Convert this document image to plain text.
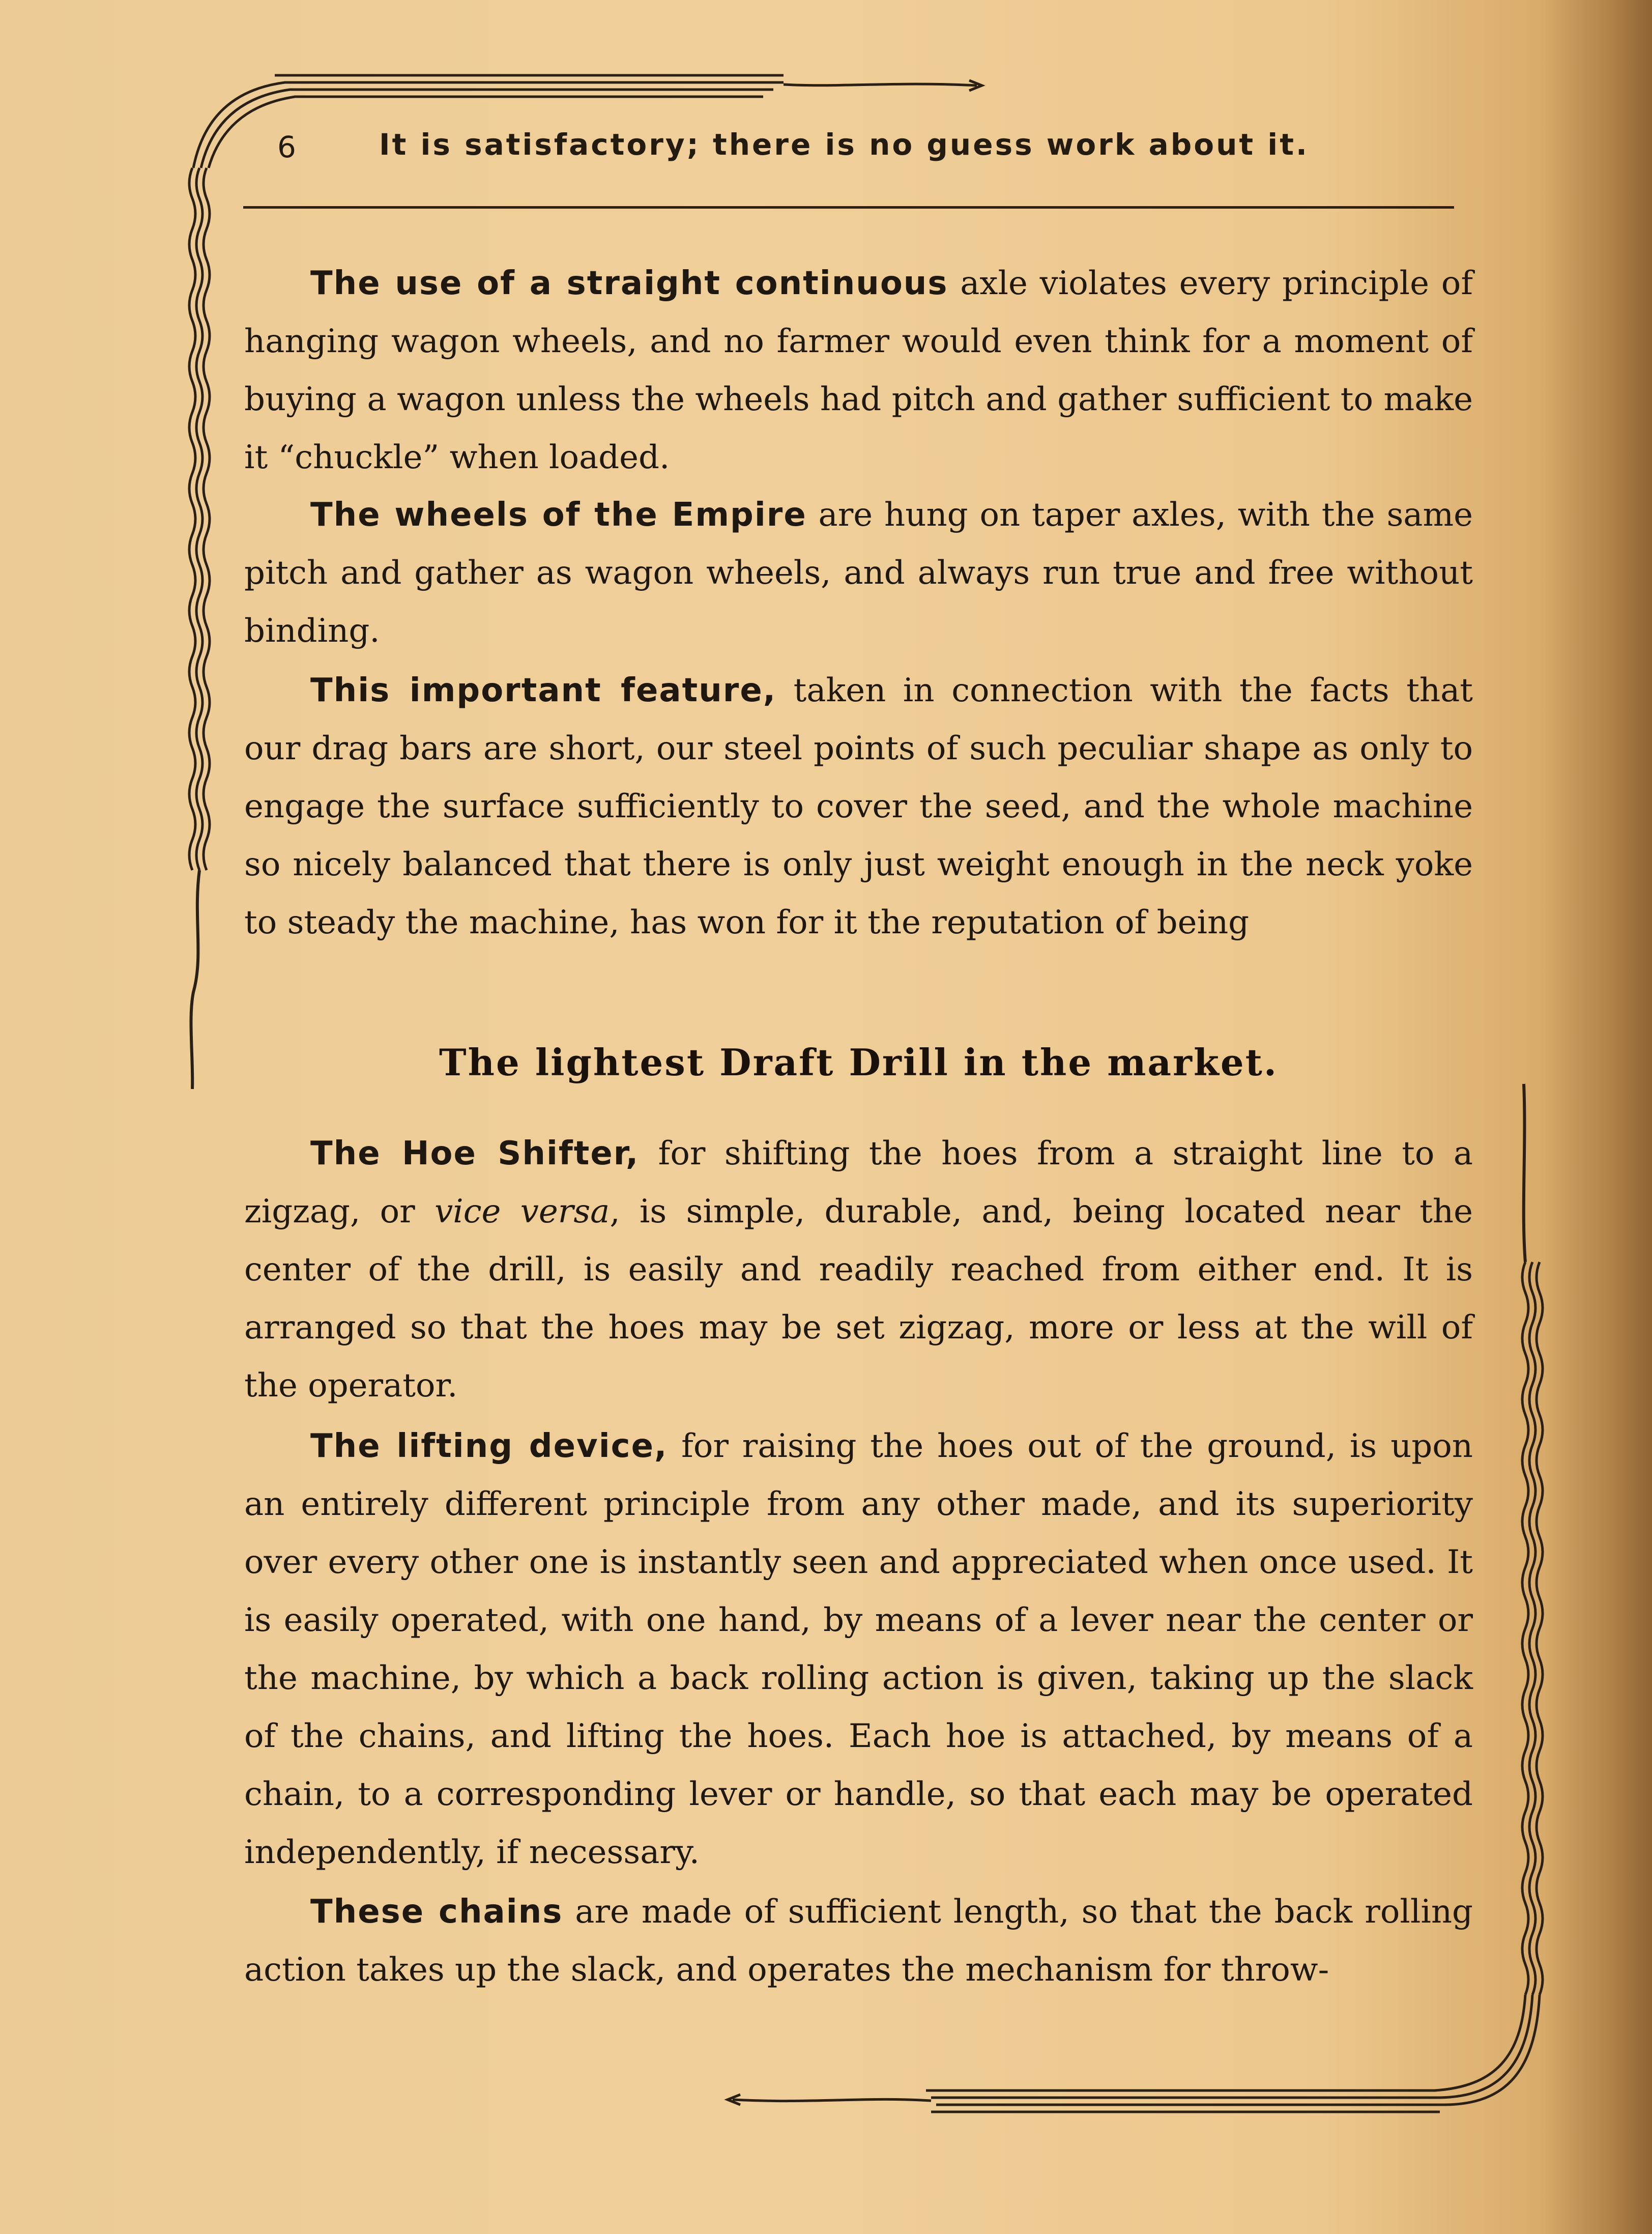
6	It is satisfactory; there is no guess work about it.
The use of a straight continuous axle violates every principle of hanging wagon wheels, and no farmer would even think for a moment of buying a wagon unless the wheels had pitch and gather sufficient to make it “chuckle” when loaded.
The wheels of the Empire are hung on taper axles, with the same pitch and gather as wagon wheels, and always run true and free without binding.
This important feature, taken in connection with the facts that our drag bars are short, our steel points of such peculiar shape as only to engage the surface sufficiently to cover the seed, and the whole machine so nicely balanced that there is only just weight enough in the neck yoke to steady the machine, has won for it the reputation of being
The lightest Draft Drill in the market.
The Hoe Shifter, for shifting the hoes from a straight line to a zigzag, or vice versa, is simple, durable, and, being located near the center of the drill, is easily and readily reached from either end. It is arranged so that the hoes may be set zigzag, more or less at the will of the operator.
The lifting device, for raising the hoes out of the ground, is upon an entirely different principle from any other made, and its superiority over every other one is instantly seen and appreciated when once used. It is easily operated, with one hand, by means of a lever near the center or the machine, by which a back rolling action is given, taking up the slack of the chains, and lifting the hoes. Each hoe is attached, by means of a chain, to a corresponding lever or handle, so that each may be operated independently, if necessary.
These chains are made of sufficient length, so that the back rolling action takes up the slack, and operates the mechanism for throw-
